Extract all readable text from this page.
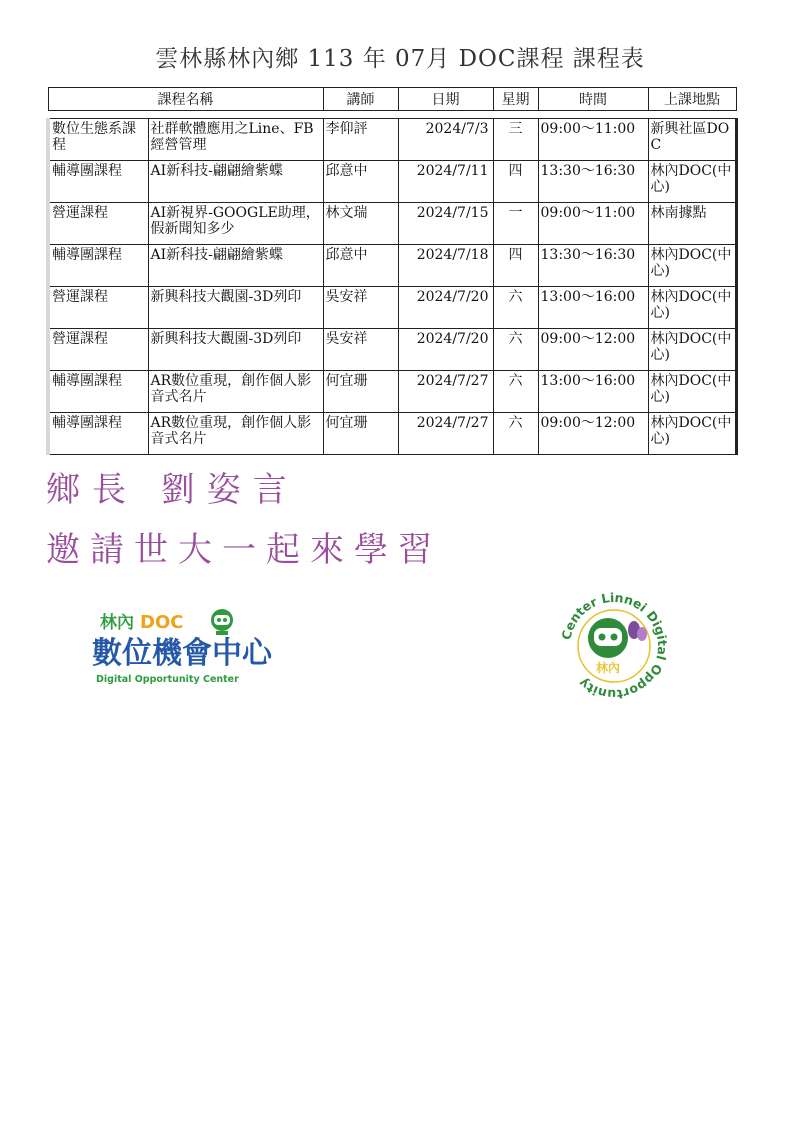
雲林縣林內鄉 113 年 07月 DOC課程 課程表
課程名稱		講師	日期	星期	時間	上課地點

數位生態系課程	社群軟體應用之Line、FB經營管理	李仰評	2024/7/3	三	09:00～11:00	新興社區DOC
輔導團課程	AI新科技-翩翩繪紫蝶	邱意中	2024/7/11	四	13:30～16:30	林內DOC(中心)
營運課程	AI新視界-GOOGLE助理，假新聞知多少	林文瑞	2024/7/15	一	09:00～11:00	林南據點
輔導團課程	AI新科技-翩翩繪紫蝶	邱意中	2024/7/18	四	13:30～16:30	林內DOC(中心)
營運課程	新興科技大觀園-3D列印	吳安祥	2024/7/20	六	13:00～16:00	林內DOC(中心)
營運課程	新興科技大觀園-3D列印	吳安祥	2024/7/20	六	09:00～12:00	林內DOC(中心)
輔導團課程	AR數位重現，創作個人影音式名片	何宜珊	2024/7/27	六	13:00～16:00	林內DOC(中心)
輔導團課程	AR數位重現，創作個人影音式名片	何宜珊	2024/7/27	六	09:00～12:00	林內DOC(中心)
鄉長 劉姿言
邀請世大一起來學習
林內 DOC
數位機會中心
Digital Opportunity Center
Center Linnei Digital Opportunity
林內
